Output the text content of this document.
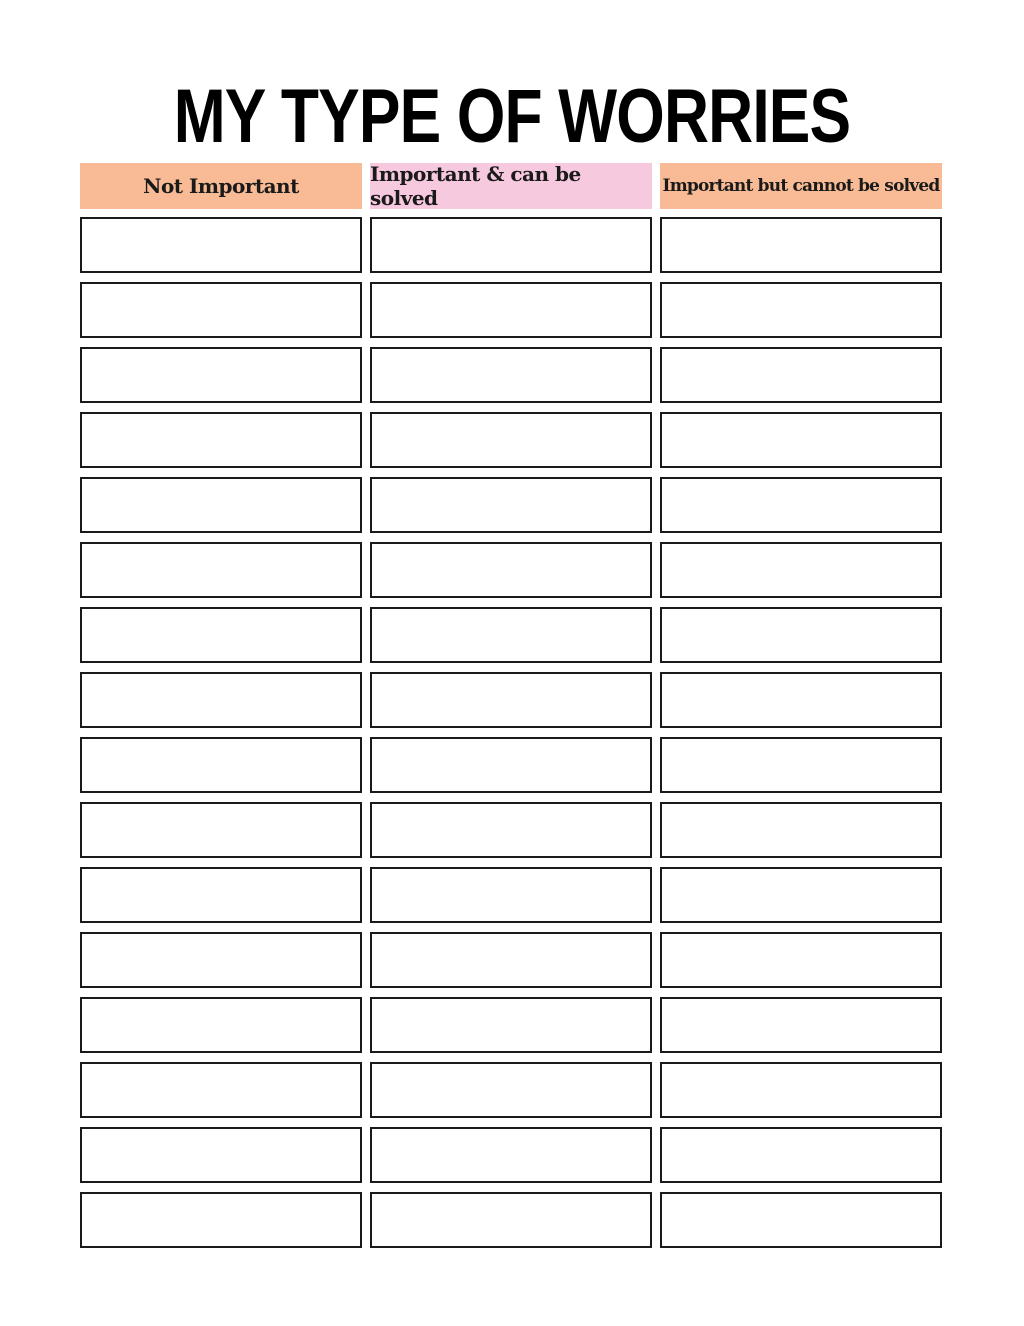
MY TYPE OF WORRIES
Not Important	Important & can be solved	Important but cannot be solved
